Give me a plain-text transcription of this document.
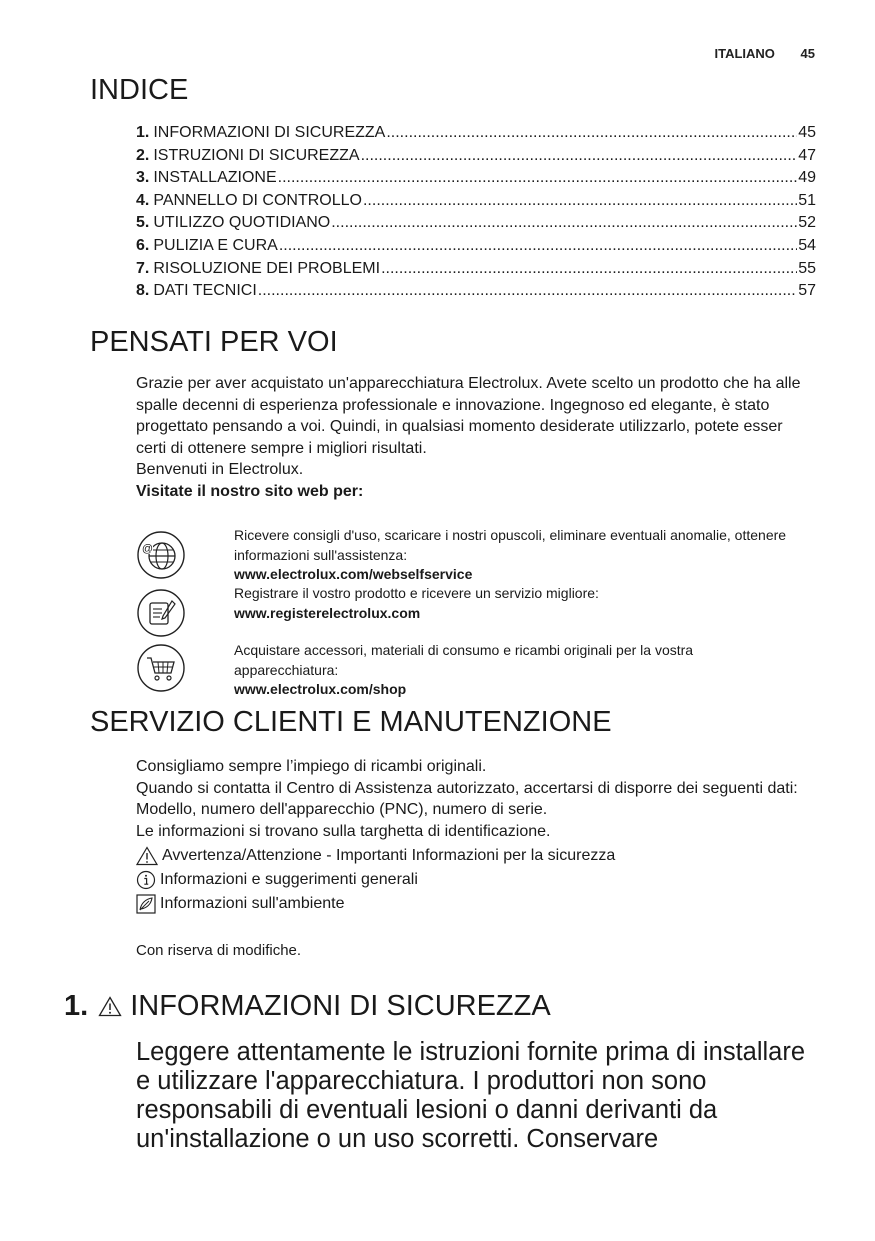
ITALIANO 45
INDICE
1. INFORMAZIONI DI SICUREZZA .....	45
2. ISTRUZIONI DI SICUREZZA .....	47
3. INSTALLAZIONE .....	49
4. PANNELLO DI CONTROLLO .....	51
5. UTILIZZO QUOTIDIANO .....	52
6. PULIZIA E CURA .....	54
7. RISOLUZIONE DEI PROBLEMI .....	55
8. DATI TECNICI .....	57
PENSATI PER VOI

Grazie per aver acquistato un'apparecchiatura Electrolux. Avete scelto un prodotto che ha alle spalle decenni di esperienza professionale e innovazione. Ingegnoso ed elegante, è stato progettato pensando a voi. Quindi, in qualsiasi momento desiderate utilizzarlo, potete esser certi di ottenere sempre i migliori risultati.

Benvenuti in Electrolux.

Visitate il nostro sito web per:

@
Ricevere consigli d'uso, scaricare i nostri opuscoli, eliminare eventuali anomalie, ottenere informazioni sull'assistenza:
www.electrolux.com/webselfservice
Registrare il vostro prodotto e ricevere un servizio migliore:
www.registerelectrolux.com
Acquistare accessori, materiali di consumo e ricambi originali per la vostra apparecchiatura:
www.electrolux.com/shop
SERVIZIO CLIENTI E MANUTENZIONE

Consigliamo sempre l’impiego di ricambi originali.

Quando si contatta il Centro di Assistenza autorizzato, accertarsi di disporre dei seguenti dati: Modello, numero dell'apparecchio (PNC), numero di serie.

Le informazioni si trovano sulla targhetta di identificazione.

Avvertenza/Attenzione - Importanti Informazioni per la sicurezza
Informazioni e suggerimenti generali
Informazioni sull'ambiente

Con riserva di modifiche.

1. INFORMAZIONI DI SICUREZZA
Leggere attentamente le istruzioni fornite prima di installare e utilizzare l'apparecchiatura. I produttori non sono responsabili di eventuali lesioni o danni derivanti da un'installazione o un uso scorretti. Conservare
